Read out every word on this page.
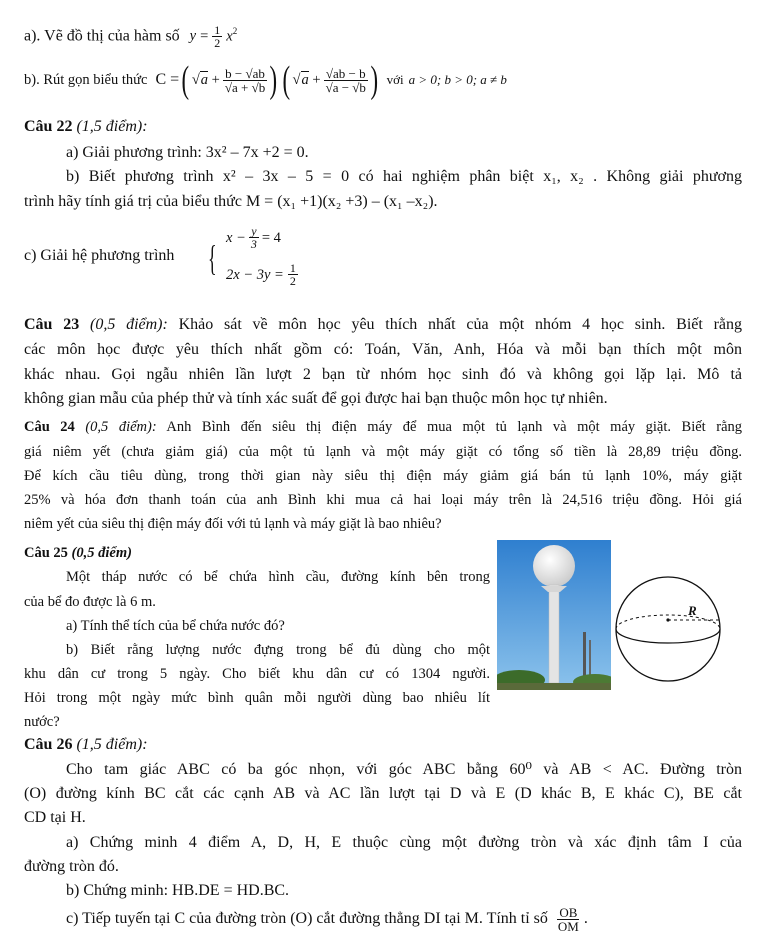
a). Vẽ đồ thị của hàm số $y = \frac{1}{2} x^2$
b). Rút gọn biểu thức C = ( $√a + \frac{b - √ab}{√a + √b}$ ) ( $√a + \frac{√ab - b}{√a - √b}$ ) với a > 0; b > 0; a ≠ b
Câu 22 (1,5 điểm):
a) Giải phương trình: 3x² – 7x +2 = 0.
b) Biết phương trình x² – 3x – 5 = 0 có hai nghiệm phân biệt x₁, x₂ . Không giải phương
trình hãy tính giá trị của biểu thức M = (x₁ +1)(x₂ +3) – (x₁ –x₂).
c) Giải hệ phương trình {
$x - \frac{y}{3} = 4$
$2x - 3y = \frac{1}{2}$
Câu 23 (0,5 điểm): Khảo sát về môn học yêu thích nhất của một nhóm 4 học sinh. Biết rằng
các môn học được yêu thích nhất gồm có: Toán, Văn, Anh, Hóa và mỗi bạn thích một môn
khác nhau. Gọi ngẫu nhiên lần lượt 2 bạn từ nhóm học sinh đó và không gọi lặp lại. Mô tả
không gian mẫu của phép thử và tính xác suất để gọi được hai bạn thuộc môn học tự nhiên.
Câu 24 (0,5 điểm): Anh Bình đến siêu thị điện máy để mua một tủ lạnh và một máy giặt. Biết rằng
giá niêm yết (chưa giảm giá) của một tủ lạnh và một máy giặt có tổng số tiền là 28,89 triệu đồng.
Để kích cầu tiêu dùng, trong thời gian này siêu thị điện máy giảm giá bán tủ lạnh 10%, máy giặt
25% và hóa đơn thanh toán của anh Bình khi mua cả hai loại máy trên là 24,516 triệu đồng. Hỏi giá
niêm yết của siêu thị điện máy đối với tủ lạnh và máy giặt là bao nhiêu?
Câu 25 (0,5 điểm)
Một tháp nước có bể chứa hình cầu, đường kính bên trong
của bể đo được là 6 m.
a) Tính thể tích của bể chứa nước đó?
b) Biết rằng lượng nước đựng trong bể đủ dùng cho một
khu dân cư trong 5 ngày. Cho biết khu dân cư có 1304 người.
Hỏi trong một ngày mức bình quân mỗi người dùng bao nhiêu lít
nước?
R
Câu 26 (1,5 điểm):
Cho tam giác ABC có ba góc nhọn, với góc ABC bằng 60⁰ và AB < AC. Đường tròn
(O) đường kính BC cắt các cạnh AB và AC lần lượt tại D và E (D khác B, E khác C), BE cắt
CD tại H.
a) Chứng minh 4 điểm A, D, H, E thuộc cùng một đường tròn và xác định tâm I của
đường tròn đó.
b) Chứng minh: HB.DE = HD.BC.
c) Tiếp tuyến tại C của đường tròn (O) cắt đường thẳng DI tại M. Tính tỉ số $\frac{OB}{OM}$ .
